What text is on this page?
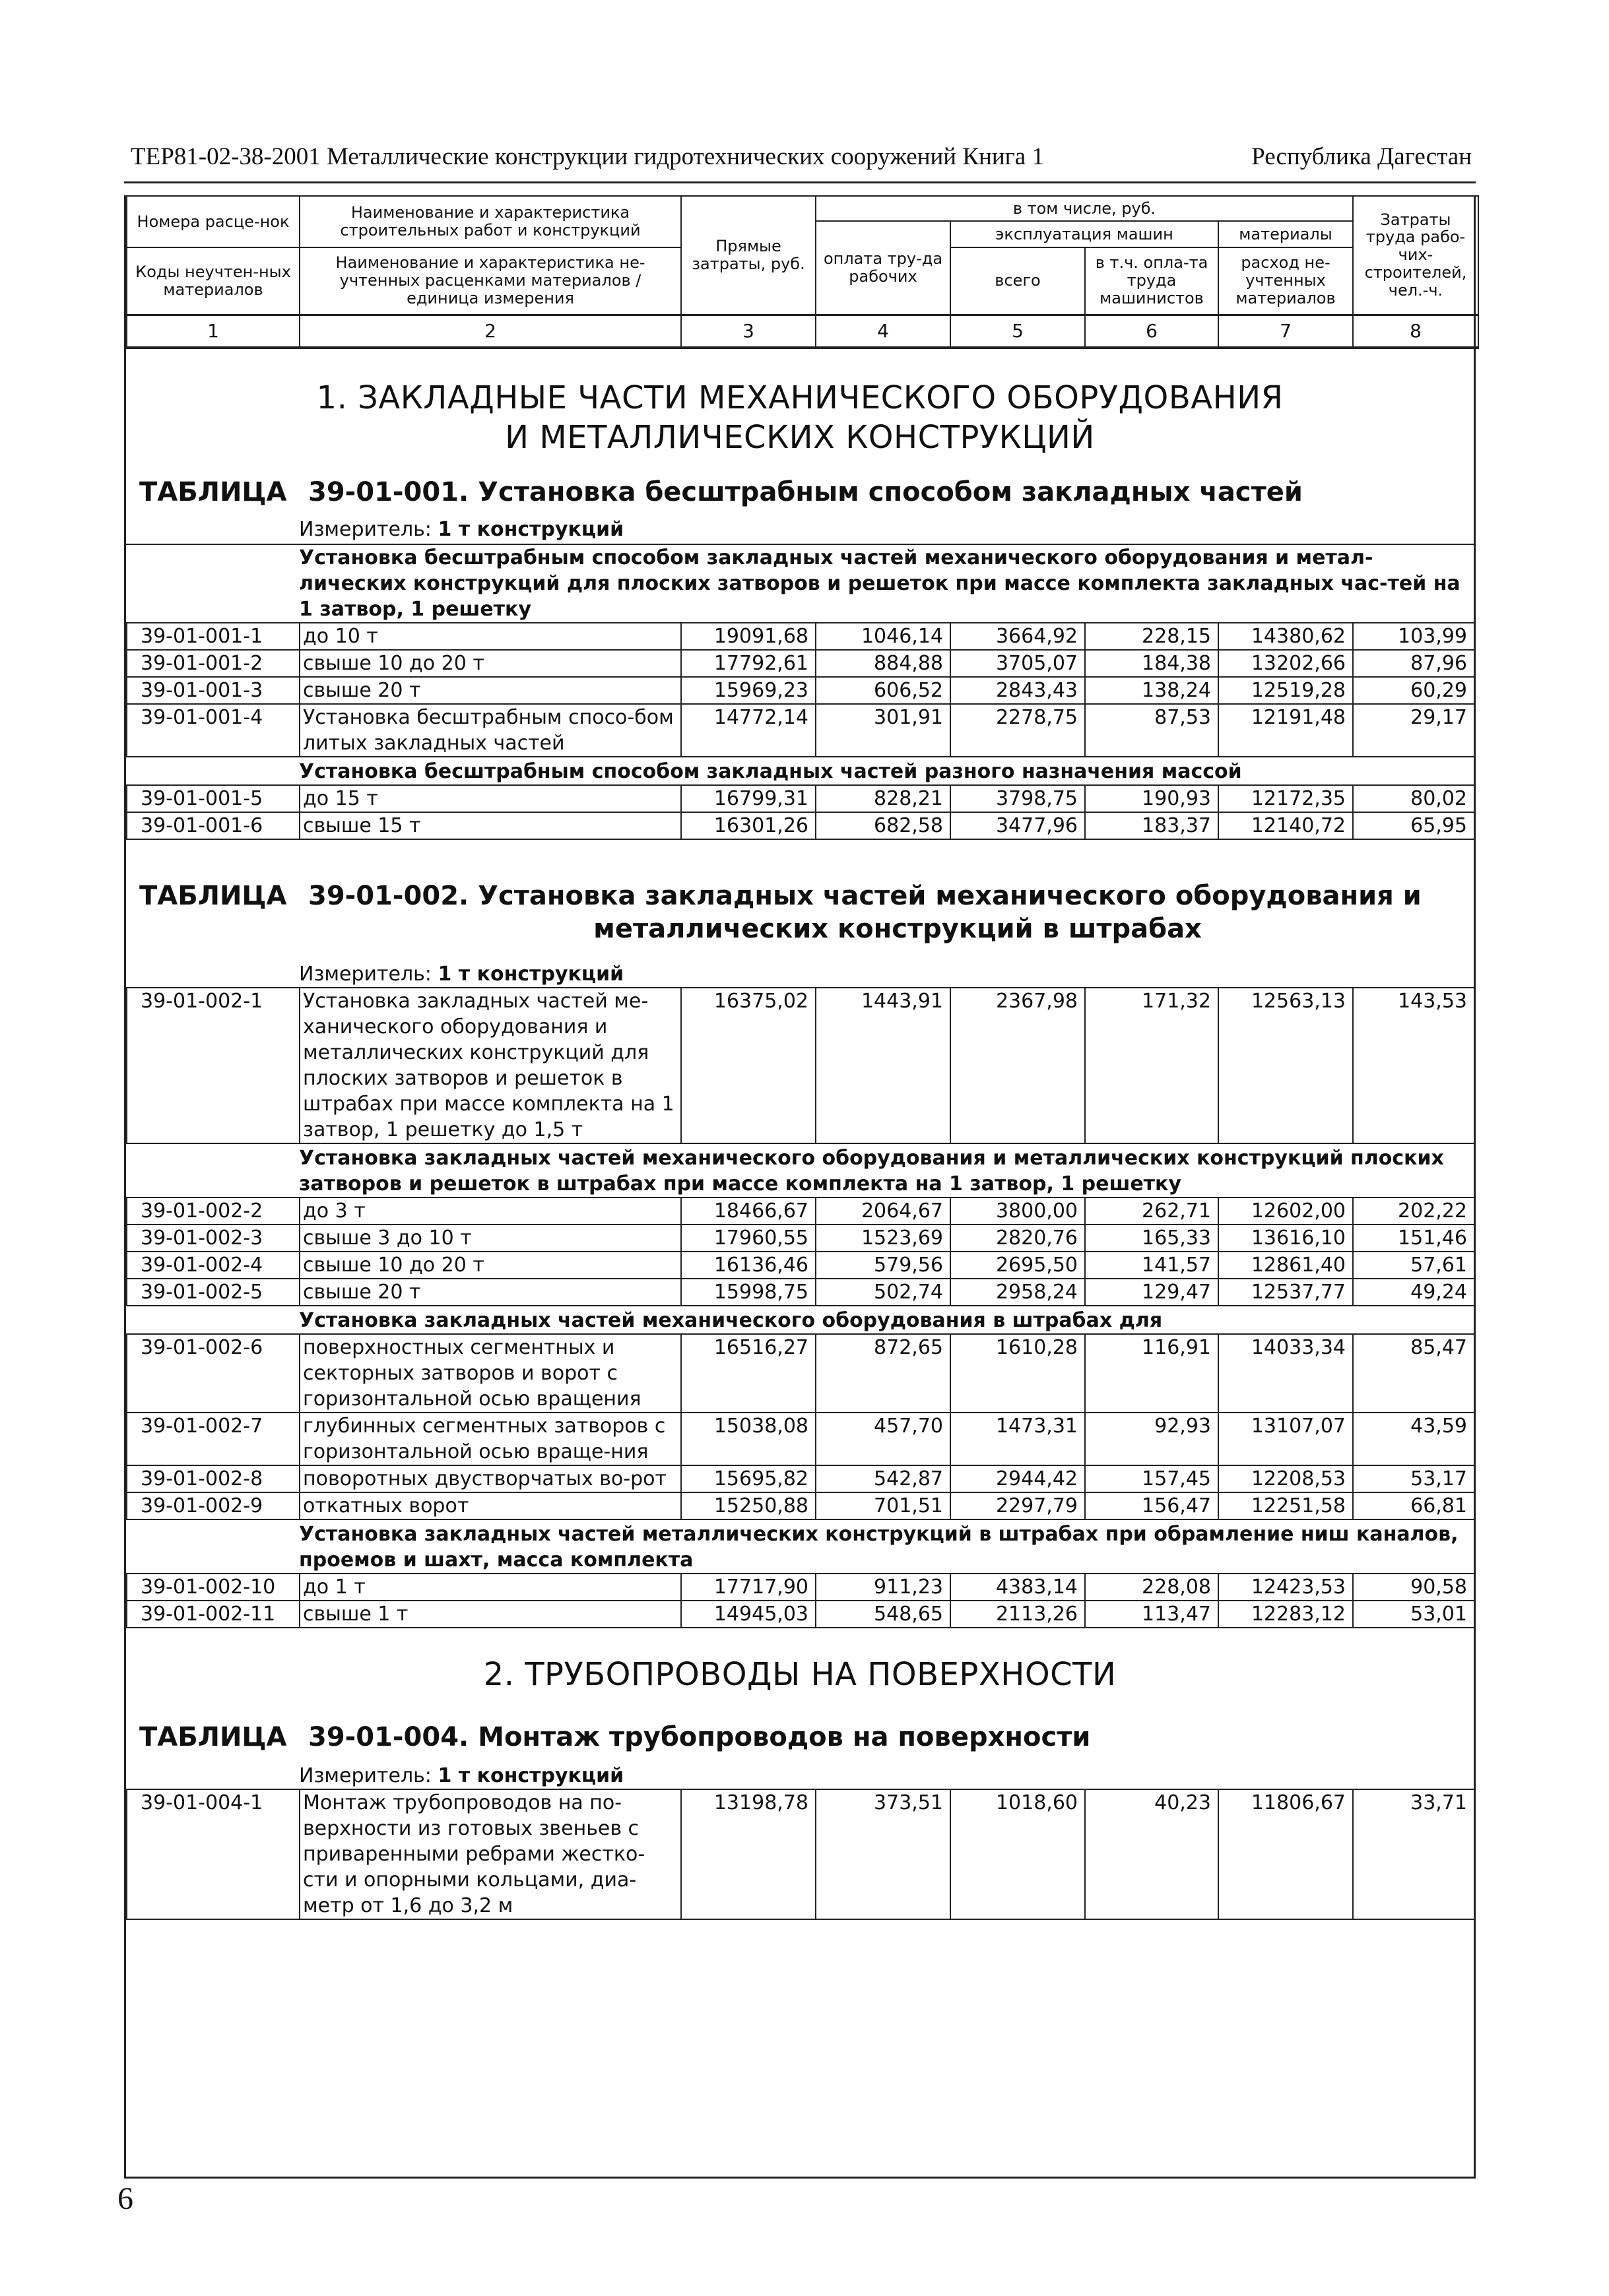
ТЕР81-02-38-2001 Металлические конструкции гидротехнических сооружений Книга 1	Республика Дагестан
Номера расце-нок	Наименование и характеристика строительных работ и конструкций	Прямые затраты, руб.	в том числе, руб.				Затраты труда рабо-чих-строителей, чел.-ч.
			оплата тру-да рабочих	эксплуатация машин		материалы	

Коды неучтен-ных материалов	Наименование и характеристика не-учтенных расценками материалов / единица измерения			всего	в т.ч. опла-та труда машинистов	расход не-учтенных материалов	

1	2	3	4	5	6	7	8
1. ЗАКЛАДНЫЕ ЧАСТИ МЕХАНИЧЕСКОГО ОБОРУДОВАНИЯ
И МЕТАЛЛИЧЕСКИХ КОНСТРУКЦИЙ
ТАБЛИЦА 39-01-001. Установка бесштрабным способом закладных частей
Измеритель: 1 т конструкций
Установка бесштрабным способом закладных частей механического оборудования и метал-лических конструкций для плоских затворов и решеток при массе комплекта закладных час-тей на 1 затвор, 1 решетку
39-01-001-1	до 10 т	19091,68	1046,14	3664,92	228,15	14380,62	103,99
39-01-001-2	свыше 10 до 20 т	17792,61	884,88	3705,07	184,38	13202,66	87,96
39-01-001-3	свыше 20 т	15969,23	606,52	2843,43	138,24	12519,28	60,29
39-01-001-4	Установка бесштрабным спосо-бом литых закладных частей	14772,14	301,91	2278,75	87,53	12191,48	29,17
Установка бесштрабным способом закладных частей разного назначения массой
39-01-001-5	до 15 т	16799,31	828,21	3798,75	190,93	12172,35	80,02
39-01-001-6	свыше 15 т	16301,26	682,58	3477,96	183,37	12140,72	65,95
ТАБЛИЦА 39-01-002. Установка закладных частей механического оборудования и
металлических конструкций в штрабах
Измеритель: 1 т конструкций
39-01-002-1	Установка закладных частей ме-ханического оборудования и металлических конструкций для плоских затворов и решеток в штрабах при массе комплекта на 1 затвор, 1 решетку до 1,5 т	16375,02	1443,91	2367,98	171,32	12563,13	143,53
Установка закладных частей механического оборудования и металлических конструкций плоских затворов и решеток в штрабах при массе комплекта на 1 затвор, 1 решетку
39-01-002-2	до 3 т	18466,67	2064,67	3800,00	262,71	12602,00	202,22
39-01-002-3	свыше 3 до 10 т	17960,55	1523,69	2820,76	165,33	13616,10	151,46
39-01-002-4	свыше 10 до 20 т	16136,46	579,56	2695,50	141,57	12861,40	57,61
39-01-002-5	свыше 20 т	15998,75	502,74	2958,24	129,47	12537,77	49,24
Установка закладных частей механического оборудования в штрабах для
39-01-002-6	поверхностных сегментных и секторных затворов и ворот с горизонтальной осью вращения	16516,27	872,65	1610,28	116,91	14033,34	85,47
39-01-002-7	глубинных сегментных затворов с горизонтальной осью враще-ния	15038,08	457,70	1473,31	92,93	13107,07	43,59
39-01-002-8	поворотных двустворчатых во-рот	15695,82	542,87	2944,42	157,45	12208,53	53,17
39-01-002-9	откатных ворот	15250,88	701,51	2297,79	156,47	12251,58	66,81
Установка закладных частей металлических конструкций в штрабах при обрамление ниш каналов, проемов и шахт, масса комплекта
39-01-002-10	до 1 т	17717,90	911,23	4383,14	228,08	12423,53	90,58
39-01-002-11	свыше 1 т	14945,03	548,65	2113,26	113,47	12283,12	53,01
2. ТРУБОПРОВОДЫ НА ПОВЕРХНОСТИ
ТАБЛИЦА 39-01-004. Монтаж трубопроводов на поверхности
Измеритель: 1 т конструкций
39-01-004-1	Монтаж трубопроводов на по-верхности из готовых звеньев с приваренными ребрами жестко-сти и опорными кольцами, диа-метр от 1,6 до 3,2 м	13198,78	373,51	1018,60	40,23	11806,67	33,71
6
